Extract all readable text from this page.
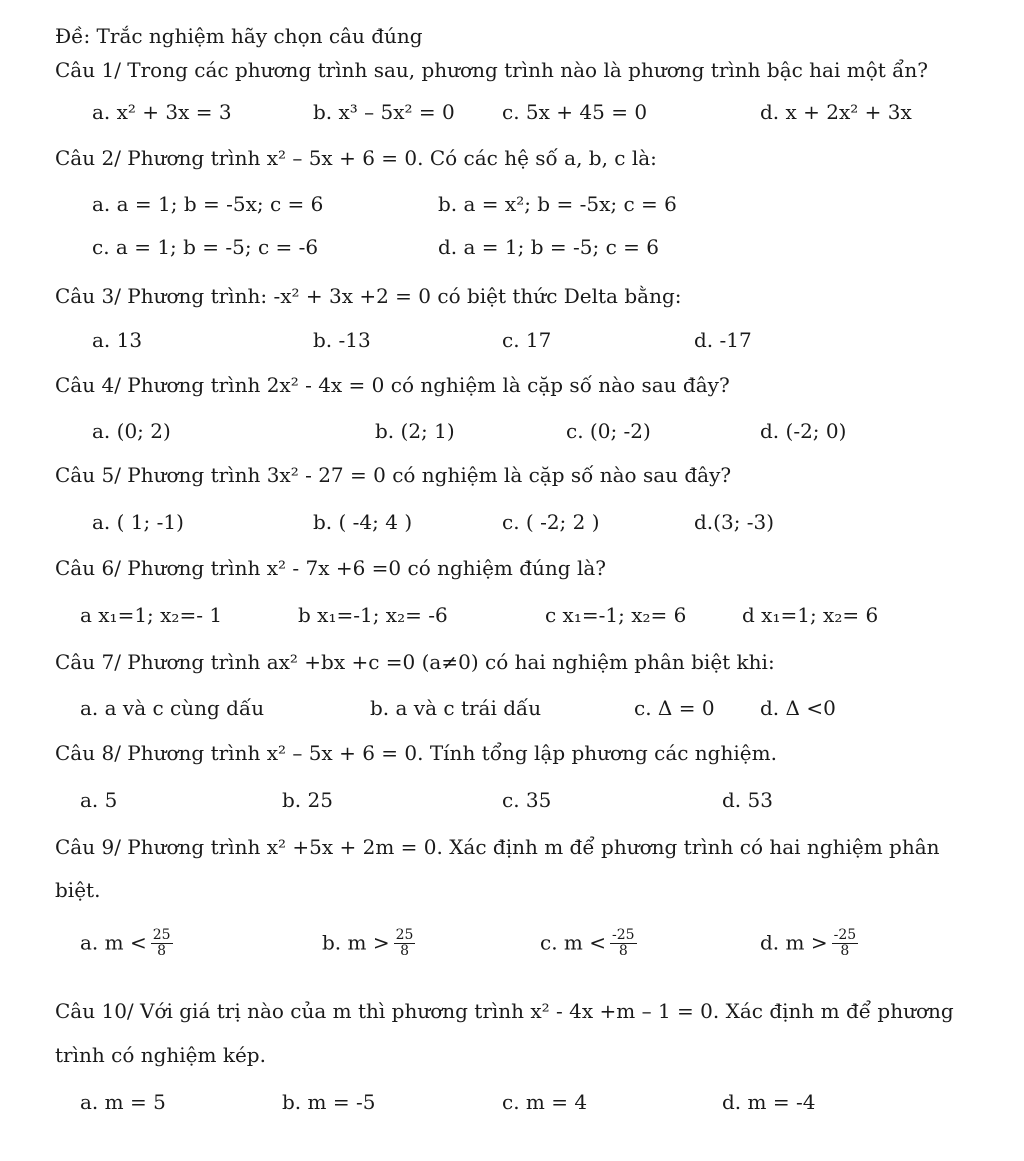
Đề: Trắc nghiệm hãy chọn câu đúng
Câu 1/ Trong các phương trình sau, phương trình nào là phương trình bậc hai một ẩn?
a. x² + 3x = 3	b. x³ – 5x² = 0 c. 5x + 45 = 0	d. x + 2x² + 3x
Câu 2/ Phương trình x² – 5x + 6 = 0. Có các hệ số a, b, c là:
a. a = 1; b = -5x; c = 6	b. a = x²; b = -5x; c = 6
c. a = 1; b = -5; c = -6	d. a = 1; b = -5; c = 6
Câu 3/ Phương trình: -x² + 3x +2 = 0 có biệt thức Delta bằng:
a. 13	b. -13	c. 17	d. -17
Câu 4/ Phương trình 2x² - 4x = 0 có nghiệm là cặp số nào sau đây?
a. (0; 2)	b. (2; 1)	c. (0; -2)	d. (-2; 0)
Câu 5/ Phương trình 3x² - 27 = 0 có nghiệm là cặp số nào sau đây?
a. ( 1; -1)	b. ( -4; 4 )	c. ( -2; 2 )	d.(3; -3)
Câu 6/ Phương trình x² - 7x +6 =0 có nghiệm đúng là?
a x₁=1; x₂=- 1	b x₁=-1; x₂= -6	c x₁=-1; x₂= 6	d x₁=1; x₂= 6
Câu 7/ Phương trình ax² +bx +c =0 (a≠0) có hai nghiệm phân biệt khi:
a. a và c cùng dấu	b. a và c trái dấu	c. Δ = 0 d. Δ <0
Câu 8/ Phương trình x² – 5x + 6 = 0. Tính tổng lập phương các nghiệm.
a. 5	b. 25	c. 35	d. 53
Câu 9/ Phương trình x² +5x + 2m = 0. Xác định m để phương trình có hai nghiệm phân
biệt.
a. $m < \frac{25}{8}$	b. $m > \frac{25}{8}$	c. $m < \frac{-25}{8}$	d. $m > \frac{-25}{8}$
Câu 10/ Với giá trị nào của m thì phương trình x² - 4x +m – 1 = 0. Xác định m để phương
trình có nghiệm kép.
a. m = 5	b. m = -5	c. m = 4	d. m = -4
